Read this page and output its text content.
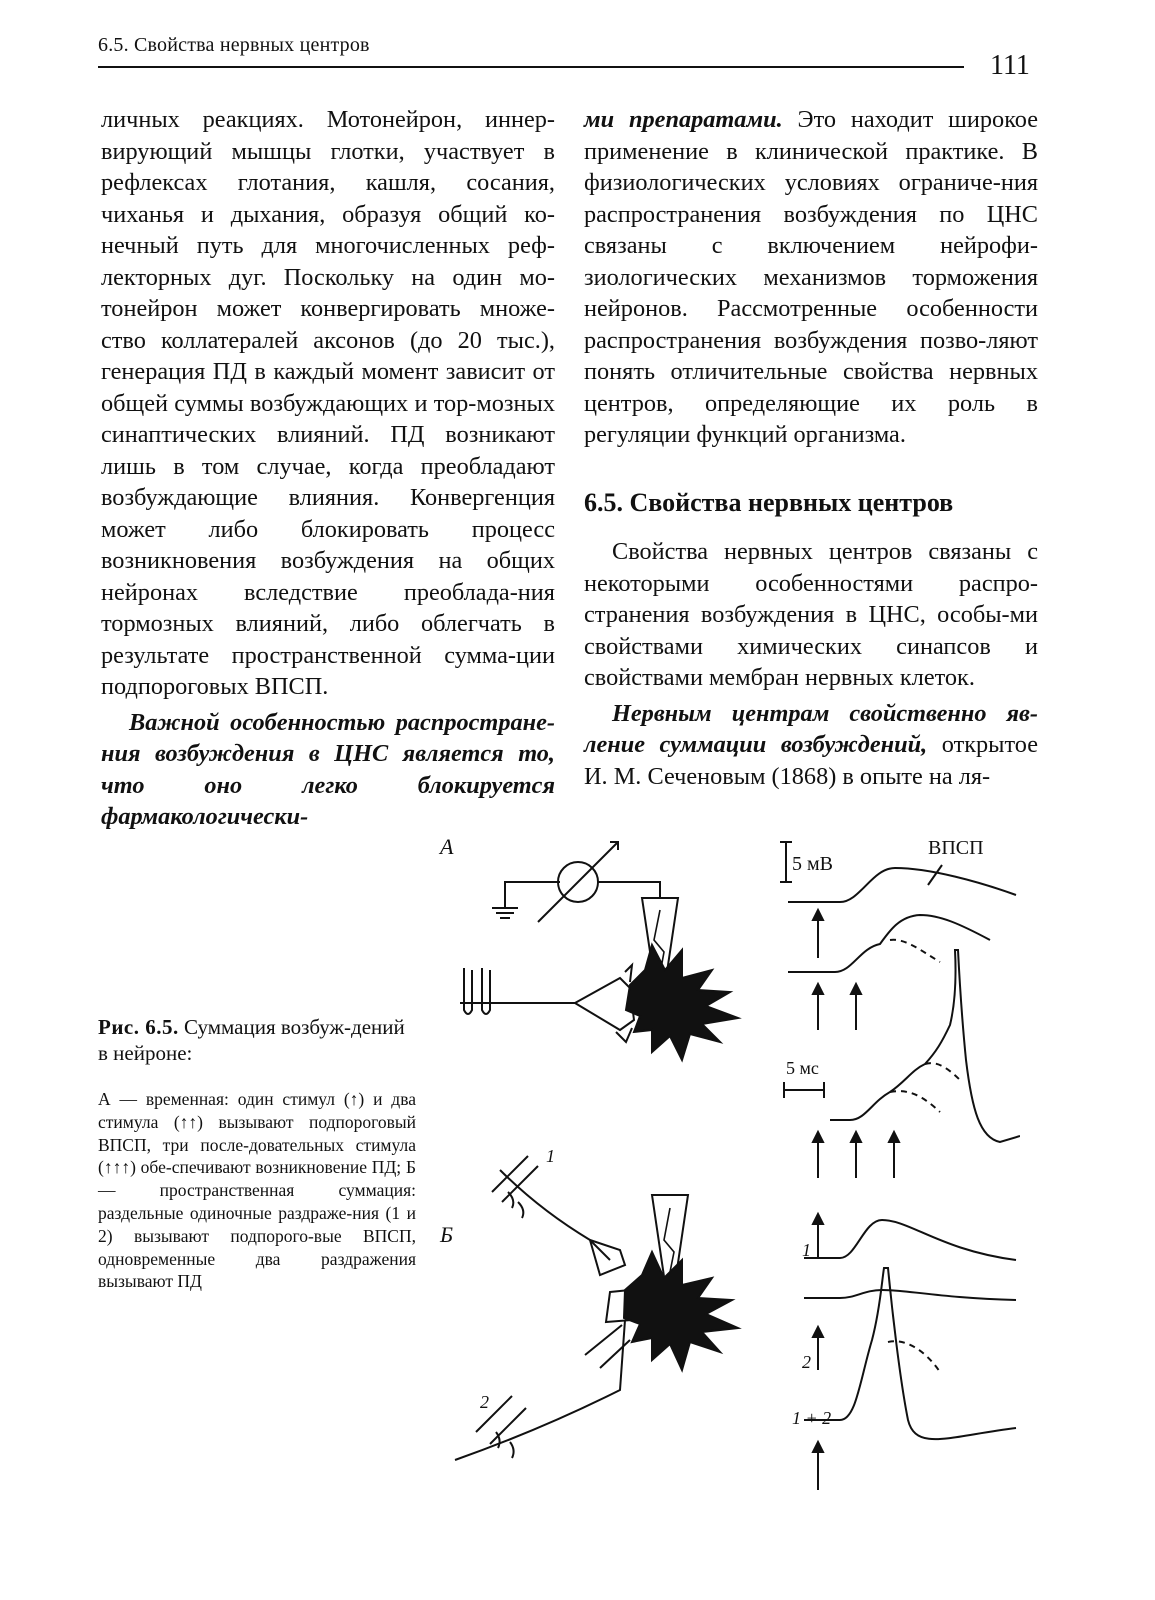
6.5. Свойства нервных центров
111

личных реакциях. Мотонейрон, иннер-вирующий мышцы глотки, участвует в рефлексах глотания, кашля, сосания, чиханья и дыхания, образуя общий ко-нечный путь для многочисленных реф-лекторных дуг. Поскольку на один мо-тонейрон может конвергировать множе-ство коллатералей аксонов (до 20 тыс.), генерация ПД в каждый момент зависит от общей суммы возбуждающих и тор-мозных синаптических влияний. ПД возникают лишь в том случае, когда преобладают возбуждающие влияния. Конвергенция может либо блокировать процесс возникновения возбуждения на общих нейронах вследствие преоблада-ния тормозных влияний, либо облегчать в результате пространственной сумма-ции подпороговых ВПСП.

Важной особенностью распростране-ния возбуждения в ЦНС является то, что оно легко блокируется фармакологически-

ми препаратами. Это находит широкое применение в клинической практике. В физиологических условиях ограниче-ния распространения возбуждения по ЦНС связаны с включением нейрофи-зиологических механизмов торможения нейронов. Рассмотренные особенности распространения возбуждения позво-ляют понять отличительные свойства нервных центров, определяющие их роль в регуляции функций организма.

6.5. Свойства нервных центров

Свойства нервных центров связаны с некоторыми особенностями распро-странения возбуждения в ЦНС, особы-ми свойствами химических синапсов и свойствами мембран нервных клеток.

Нервным центрам свойственно яв-ление суммации возбуждений, открытое И. М. Сеченовым (1868) в опыте на ля-

Рис. 6.5. Суммация возбуж-дений в нейроне:

А — временная: один стимул (↑) и два стимула (↑↑) вызывают подпороговый ВПСП, три после-довательных стимула (↑↑↑) обе-спечивают возникновение ПД; Б — пространственная суммация: раздельные одиночные раздраже-ния (1 и 2) вызывают подпорого-вые ВПСП, одновременные два раздражения вызывают ПД

А
Б
5 мВ
5 мс
ВПСП
1
2
1
2
1 + 2
